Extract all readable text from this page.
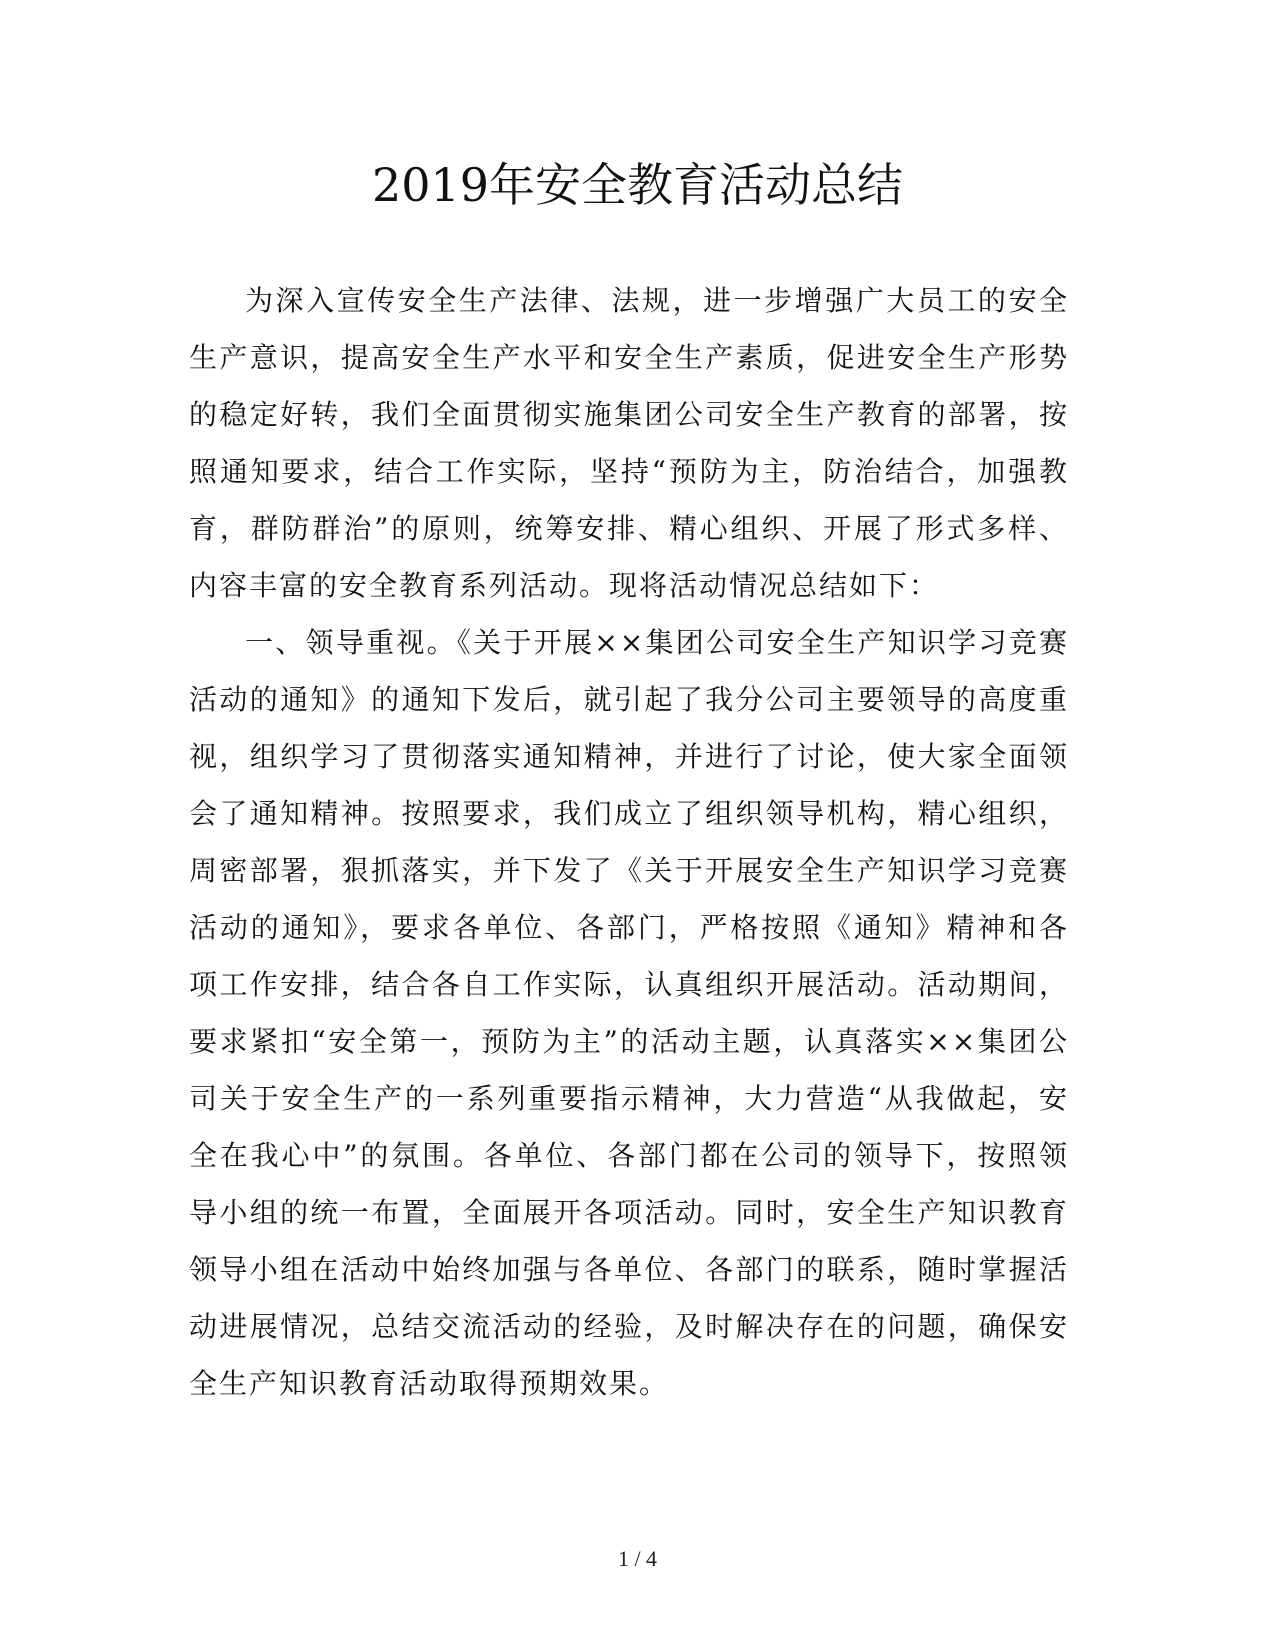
2019年安全教育活动总结

为深入宣传安全生产法律、法规，进一步增强广大员工的安全生产意识，提高安全生产水平和安全生产素质，促进安全生产形势的稳定好转，我们全面贯彻实施集团公司安全生产教育的部署，按照通知要求，结合工作实际，坚持“预防为主，防治结合，加强教育，群防群治”的原则，统筹安排、精心组织、开展了形式多样、内容丰富的安全教育系列活动。现将活动情况总结如下：

一、领导重视。《关于开展××集团公司安全生产知识学习竞赛活动的通知》的通知下发后，就引起了我分公司主要领导的高度重视，组织学习了贯彻落实通知精神，并进行了讨论，使大家全面领会了通知精神。按照要求，我们成立了组织领导机构，精心组织，周密部署，狠抓落实，并下发了《关于开展安全生产知识学习竞赛活动的通知》，要求各单位、各部门，严格按照《通知》精神和各项工作安排，结合各自工作实际，认真组织开展活动。活动期间，要求紧扣“安全第一，预防为主”的活动主题，认真落实××集团公司关于安全生产的一系列重要指示精神，大力营造“从我做起，安全在我心中”的氛围。各单位、各部门都在公司的领导下，按照领导小组的统一布置，全面展开各项活动。同时，安全生产知识教育领导小组在活动中始终加强与各单位、各部门的联系，随时掌握活动进展情况，总结交流活动的经验，及时解决存在的问题，确保安全生产知识教育活动取得预期效果。

1 / 4
